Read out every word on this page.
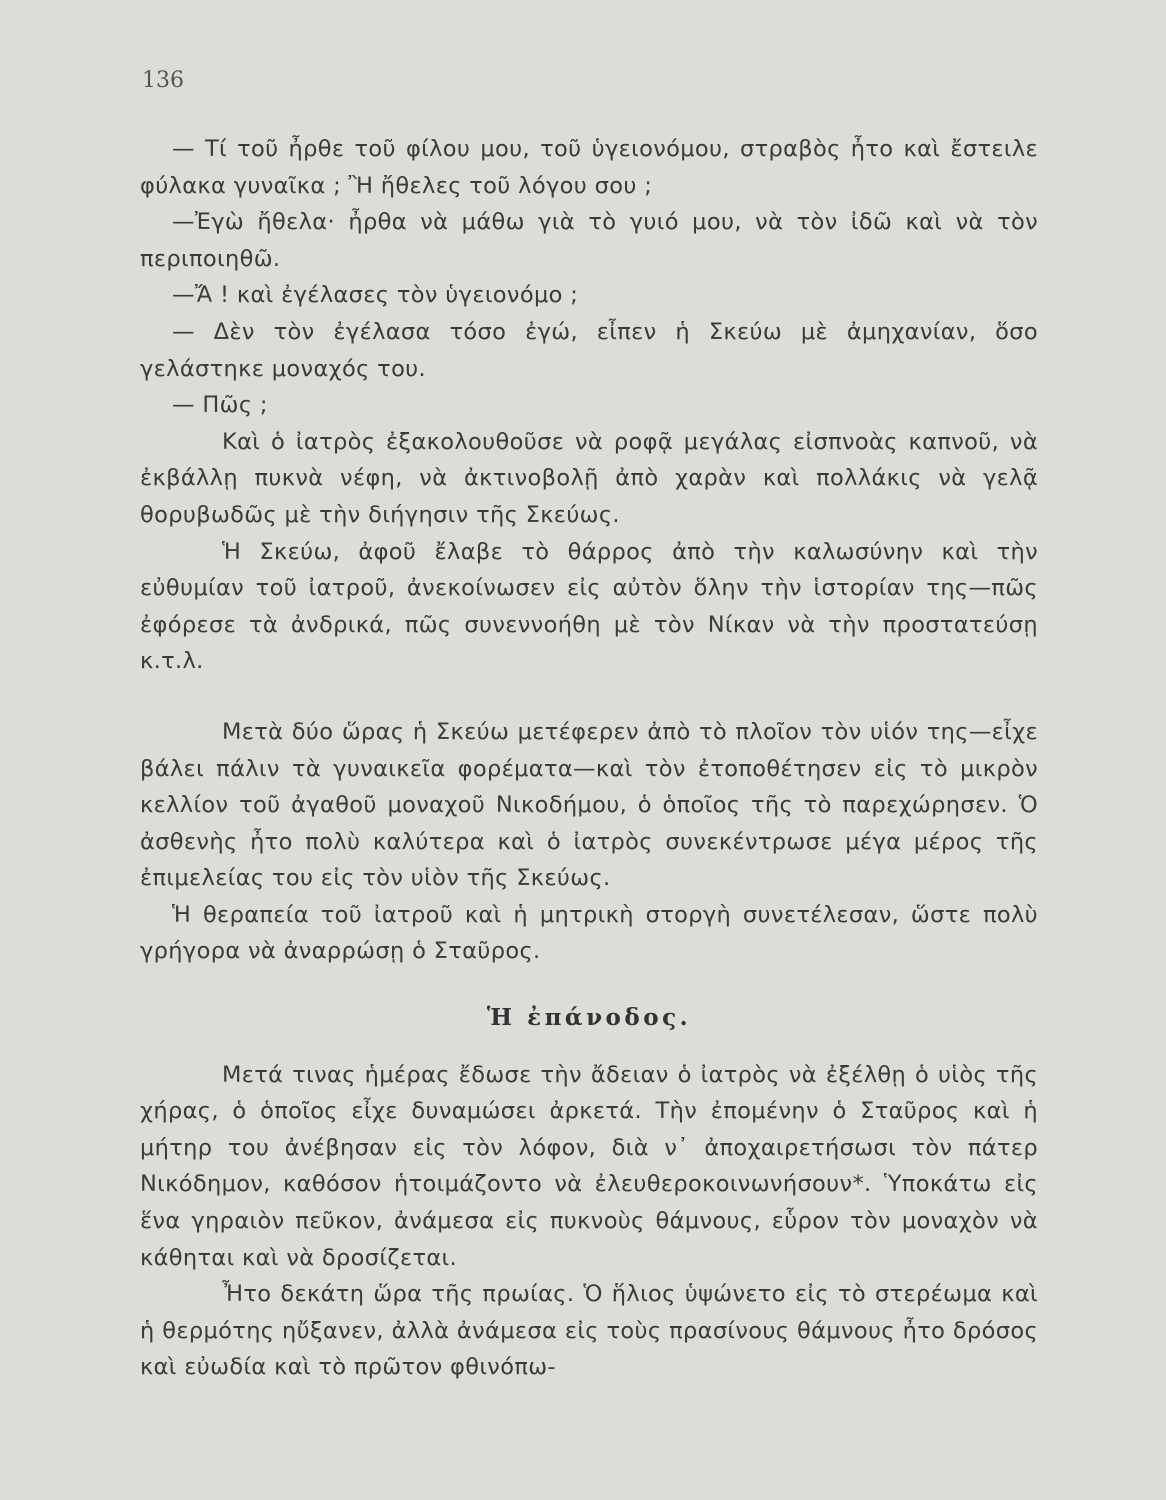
136

— Τί τοῦ ἦρθε τοῦ φίλου μου, τοῦ ὑγειονόμου, στραβὸς ἦτο καὶ ἔστειλε φύλακα γυναῖκα ; Ἢ ἤθελες τοῦ λόγου σου ;

—Ἐγὼ ἤθελα· ἦρθα νὰ μάθω γιὰ τὸ γυιό μου, νὰ τὸν ἰδῶ καὶ νὰ τὸν περιποιηθῶ.

—Ἄ ! καὶ ἐγέλασες τὸν ὑγειονόμο ;

— Δὲν τὸν ἐγέλασα τόσο ἐγώ, εἶπεν ἡ Σκεύω μὲ ἀμηχανίαν, ὅσο γελάστηκε μοναχός του.

— Πῶς ;

Καὶ ὁ ἰατρὸς ἐξακολουθοῦσε νὰ ροφᾷ μεγάλας εἰσπνοὰς καπνοῦ, νὰ ἐκβάλλῃ πυκνὰ νέφη, νὰ ἀκτινοβολῇ ἀπὸ χαρὰν καὶ πολλάκις νὰ γελᾷ θορυβωδῶς μὲ τὴν διήγησιν τῆς Σκεύως.

Ἡ Σκεύω, ἀφοῦ ἔλαβε τὸ θάρρος ἀπὸ τὴν καλωσύνην καὶ τὴν εὐθυμίαν τοῦ ἰατροῦ, ἀνεκοίνωσεν εἰς αὐτὸν ὅλην τὴν ἱστορίαν της—πῶς ἐφόρεσε τὰ ἀνδρικά, πῶς συνεννοήθη μὲ τὸν Νίκαν νὰ τὴν προστατεύσῃ κ.τ.λ.

Μετὰ δύο ὥρας ἡ Σκεύω μετέφερεν ἀπὸ τὸ πλοῖον τὸν υἱόν της—εἶχε βάλει πάλιν τὰ γυναικεῖα φορέματα—καὶ τὸν ἐτοποθέτησεν εἰς τὸ μικρὸν κελλίον τοῦ ἀγαθοῦ μοναχοῦ Νικοδήμου, ὁ ὁποῖος τῆς τὸ παρεχώρησεν. Ὁ ἀσθενὴς ἦτο πολὺ καλύτερα καὶ ὁ ἰατρὸς συνεκέντρωσε μέγα μέρος τῆς ἐπιμελείας του εἰς τὸν υἱὸν τῆς Σκεύως.

Ἡ θεραπεία τοῦ ἰατροῦ καὶ ἡ μητρικὴ στοργὴ συνετέλεσαν, ὥστε πολὺ γρήγορα νὰ ἀναρρώσῃ ὁ Σταῦρος.

Ἡ ἐπάνοδος.

Μετά τινας ἡμέρας ἔδωσε τὴν ἄδειαν ὁ ἰατρὸς νὰ ἐξέλθῃ ὁ υἱὸς τῆς χήρας, ὁ ὁποῖος εἶχε δυναμώσει ἀρκετά. Τὴν ἐπομένην ὁ Σταῦρος καὶ ἡ μήτηρ του ἀνέβησαν εἰς τὸν λόφον, διὰ ν᾽ ἀποχαιρετήσωσι τὸν πάτερ Νικόδημον, καθόσον ἡτοιμάζοντο νὰ ἐλευθεροκοινωνήσουν*. Ὑποκάτω εἰς ἕνα γηραιὸν πεῦκον, ἀνάμεσα εἰς πυκνοὺς θάμνους, εὗρον τὸν μοναχὸν νὰ κάθηται καὶ νὰ δροσίζεται.

Ἦτο δεκάτη ὥρα τῆς πρωίας. Ὁ ἥλιος ὑψώνετο εἰς τὸ στερέωμα καὶ ἡ θερμότης ηὔξανεν, ἀλλὰ ἀνάμεσα εἰς τοὺς πρασίνους θάμνους ἦτο δρόσος καὶ εὐωδία καὶ τὸ πρῶτον φθινόπω-
